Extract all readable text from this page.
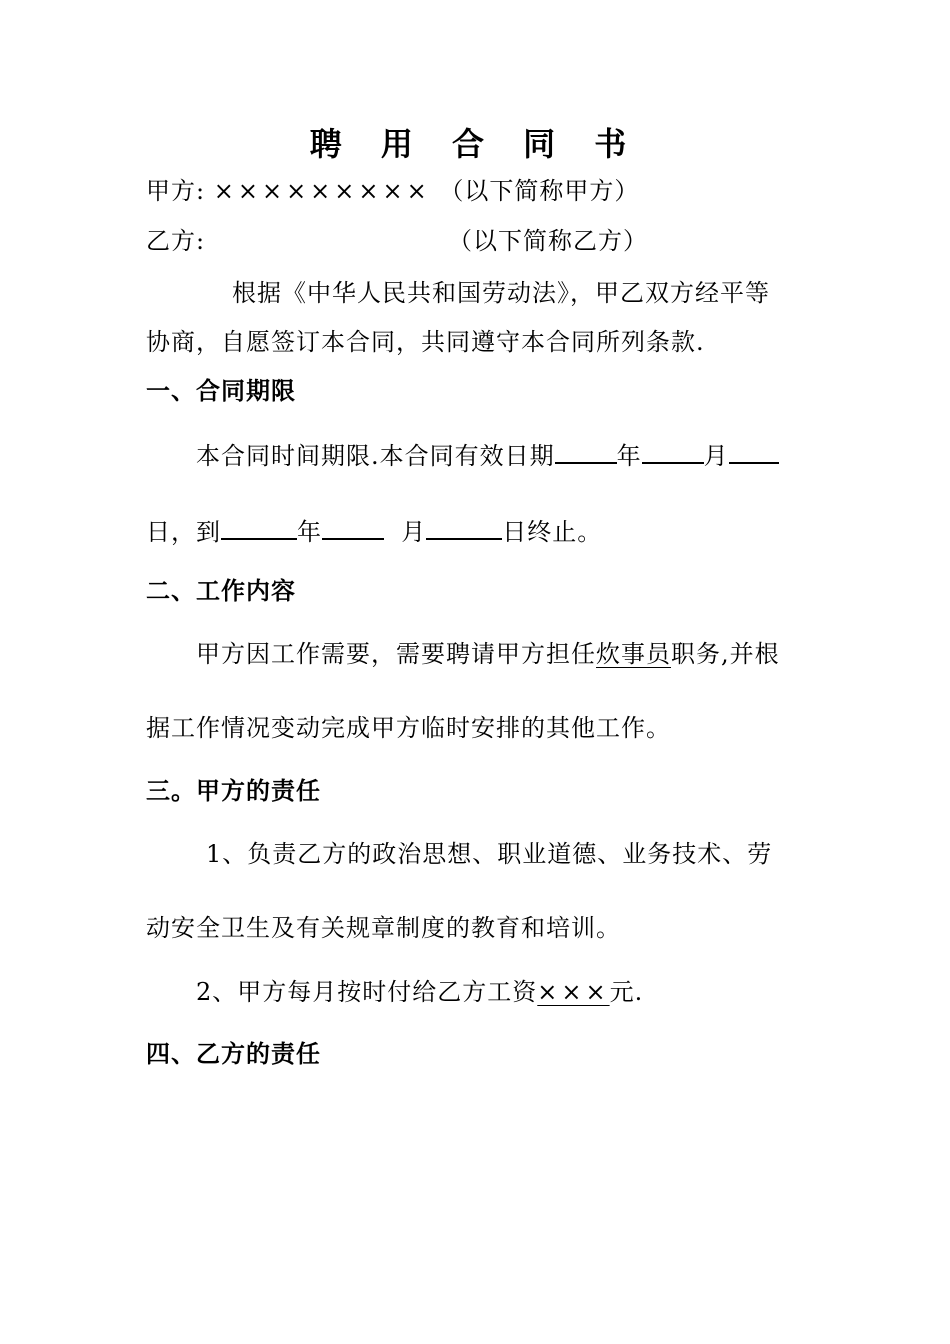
聘 用 合 同 书
甲方: ××××××××× （以下简称甲方）
乙方:	（以下简称乙方）
根据《中华人民共和国劳动法》，甲乙双方经平等
协商，自愿签订本合同，共同遵守本合同所列条款.
一、合同期限
本合同时间期限.本合同有效日期	年	月
日，到	年	月	日终止。
二、工作内容
甲方因工作需要，需要聘请甲方担任炊事员职务,并根
据工作情况变动完成甲方临时安排的其他工作。
三。甲方的责任
1、负责乙方的政治思想、职业道德、业务技术、劳
动安全卫生及有关规章制度的教育和培训。
2、甲方每月按时付给乙方工资×××元.
四、乙方的责任
